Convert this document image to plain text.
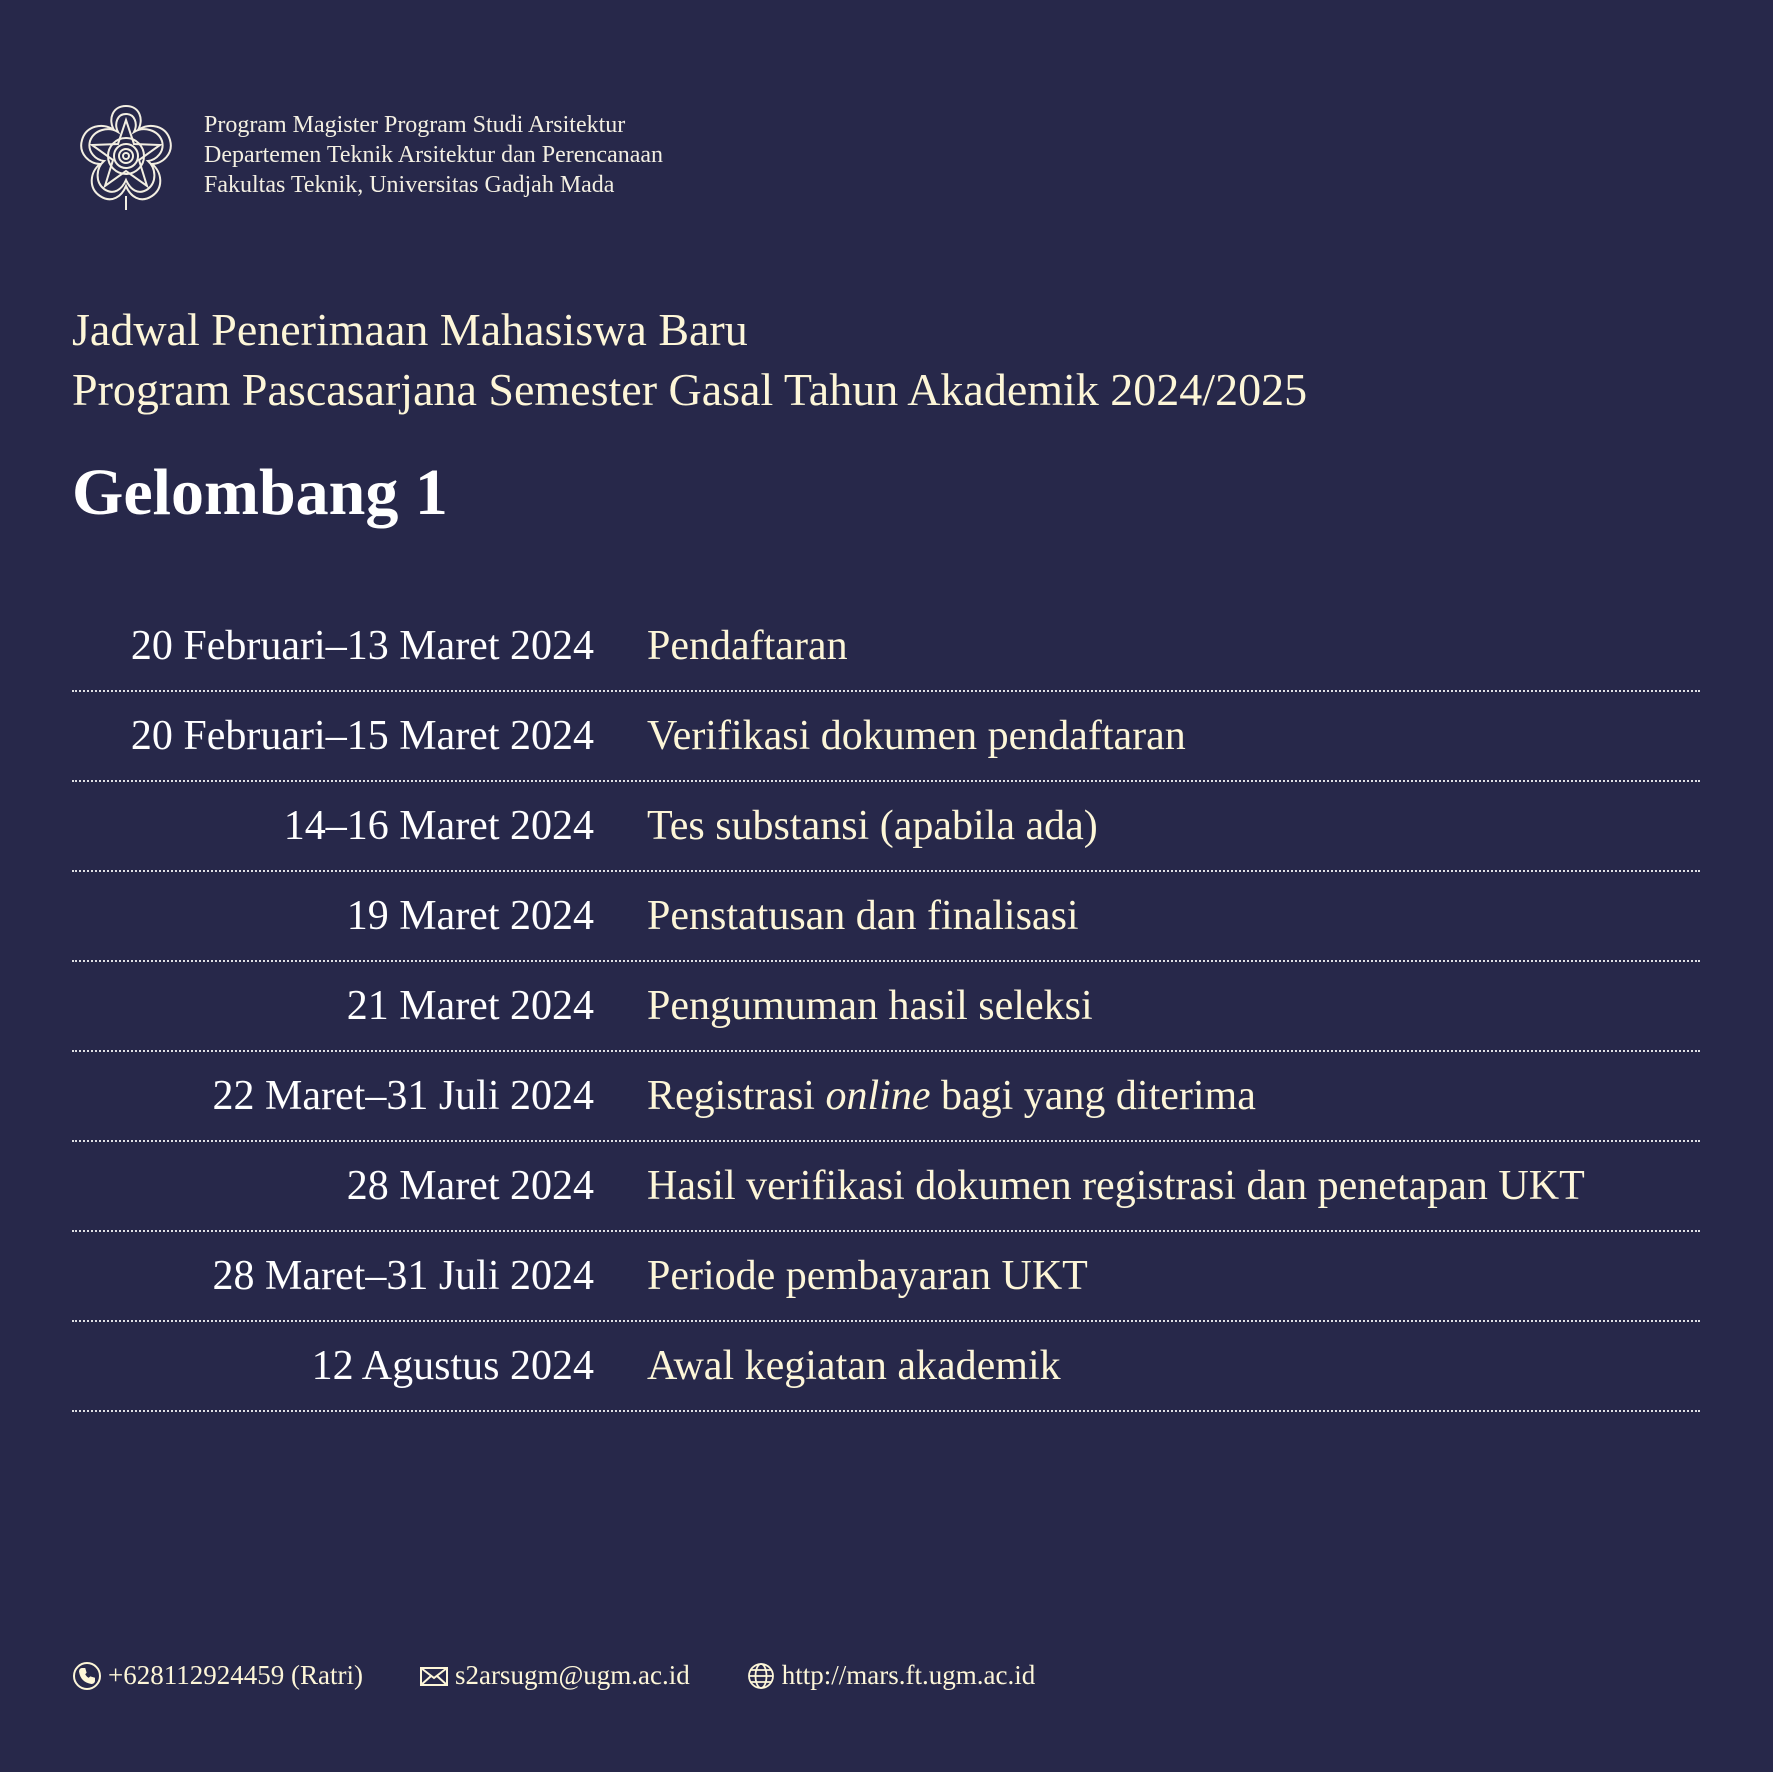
Program Magister Program Studi Arsitektur
Departemen Teknik Arsitektur dan Perencanaan
Fakultas Teknik, Universitas Gadjah Mada
Jadwal Penerimaan Mahasiswa Baru
Program Pascasarjana Semester Gasal Tahun Akademik 2024/2025
Gelombang 1
20 Februari–13 Maret 2024 Pendaftaran
20 Februari–15 Maret 2024 Verifikasi dokumen pendaftaran
14–16 Maret 2024 Tes substansi (apabila ada)
19 Maret 2024 Penstatusan dan finalisasi
21 Maret 2024 Pengumuman hasil seleksi
22 Maret–31 Juli 2024 Registrasi online bagi yang diterima
28 Maret 2024 Hasil verifikasi dokumen registrasi dan penetapan UKT
28 Maret–31 Juli 2024 Periode pembayaran UKT
12 Agustus 2024 Awal kegiatan akademik
+628112924459 (Ratri)	s2arsugm@ugm.ac.id	http://mars.ft.ugm.ac.id
